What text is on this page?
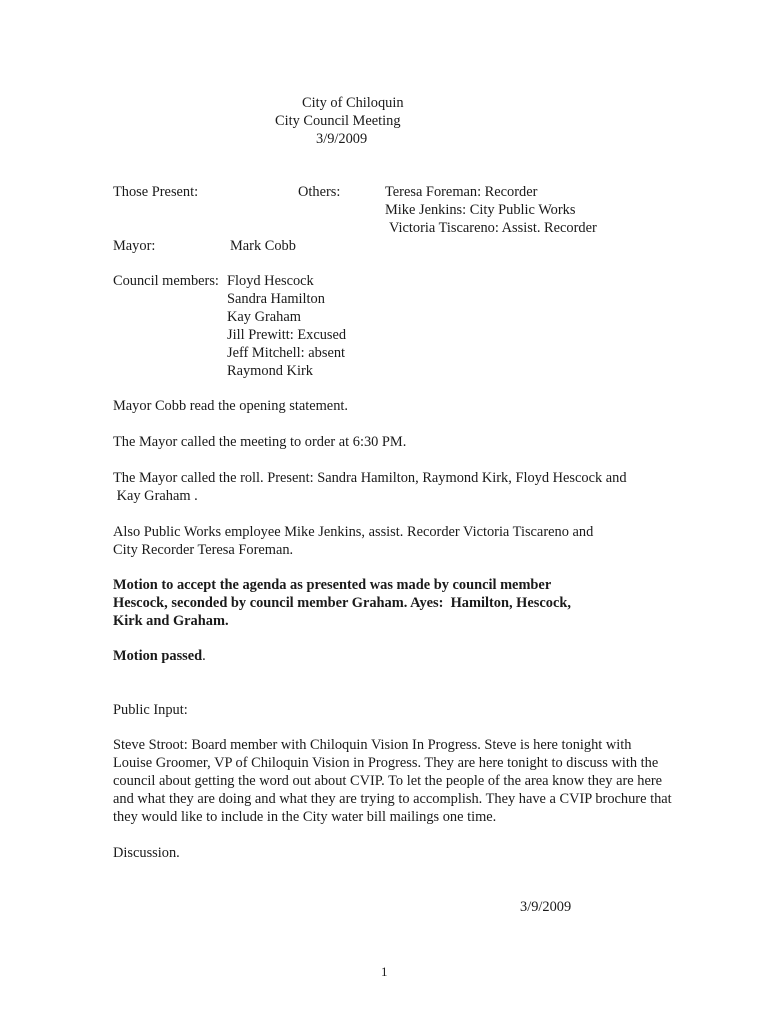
City of Chiloquin
City Council Meeting
3/9/2009
Those Present:	Others:	Teresa Foreman: Recorder
Mike Jenkins: City Public Works
Victoria Tiscareno: Assist. Recorder
Mayor:	Mark Cobb
Council members: Floyd Hescock
Sandra Hamilton
Kay Graham
Jill Prewitt: Excused
Jeff Mitchell: absent
Raymond Kirk
Mayor Cobb read the opening statement.
The Mayor called the meeting to order at 6:30 PM.
The Mayor called the roll. Present: Sandra Hamilton, Raymond Kirk, Floyd Hescock and
Kay Graham .
Also Public Works employee Mike Jenkins, assist. Recorder Victoria Tiscareno and
City Recorder Teresa Foreman.
Motion to accept the agenda as presented was made by council member
Hescock, seconded by council member Graham. Ayes:  Hamilton, Hescock,
Kirk and Graham.
Motion passed.
Public Input:
Steve Stroot: Board member with Chiloquin Vision In Progress. Steve is here tonight with
Louise Groomer, VP of Chiloquin Vision in Progress. They are here tonight to discuss with the
council about getting the word out about CVIP. To let the people of the area know they are here
and what they are doing and what they are trying to accomplish. They have a CVIP brochure that
they would like to include in the City water bill mailings one time.
Discussion.
3/9/2009
1
